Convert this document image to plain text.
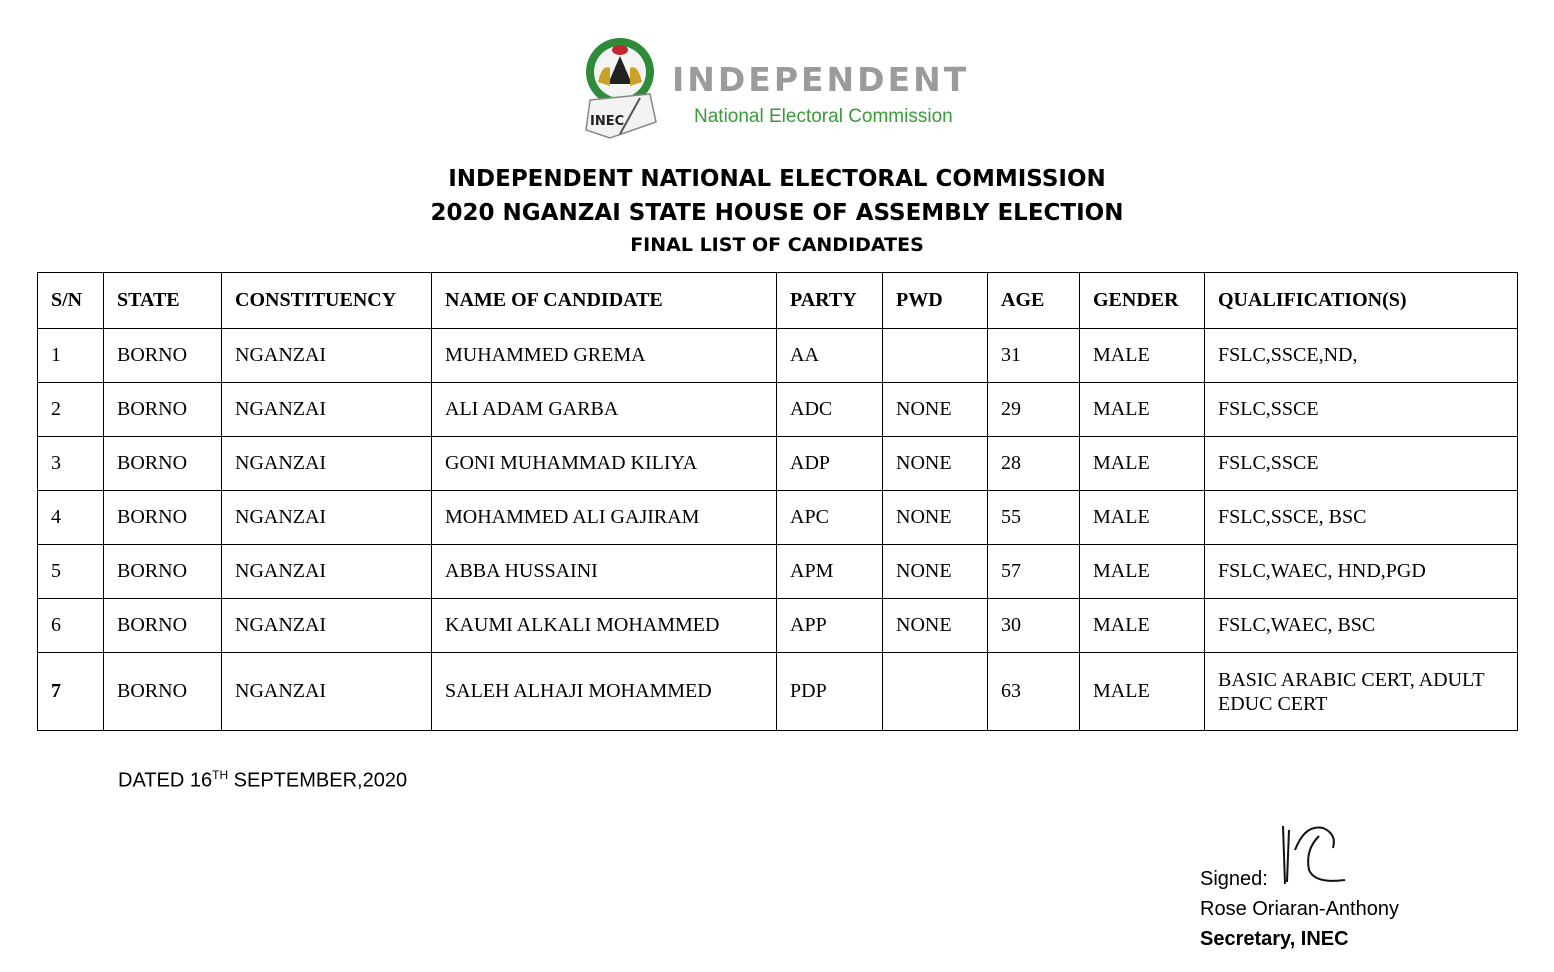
INEC
INDEPENDENT
National Electoral Commission
INDEPENDENT NATIONAL ELECTORAL COMMISSION
2020 NGANZAI STATE HOUSE OF ASSEMBLY ELECTION
FINAL LIST OF CANDIDATES
S/N	STATE	CONSTITUENCY	NAME OF CANDIDATE	PARTY	PWD	AGE	GENDER	QUALIFICATION(S)
1	BORNO	NGANZAI	MUHAMMED GREMA	AA		31	MALE	FSLC,SSCE,ND,
2	BORNO	NGANZAI	ALI ADAM GARBA	ADC	NONE	29	MALE	FSLC,SSCE
3	BORNO	NGANZAI	GONI MUHAMMAD KILIYA	ADP	NONE	28	MALE	FSLC,SSCE
4	BORNO	NGANZAI	MOHAMMED ALI GAJIRAM	APC	NONE	55	MALE	FSLC,SSCE, BSC
5	BORNO	NGANZAI	ABBA HUSSAINI	APM	NONE	57	MALE	FSLC,WAEC, HND,PGD
6	BORNO	NGANZAI	KAUMI ALKALI MOHAMMED	APP	NONE	30	MALE	FSLC,WAEC, BSC
7	BORNO	NGANZAI	SALEH ALHAJI MOHAMMED	PDP		63	MALE	BASIC ARABIC CERT, ADULT EDUC CERT
DATED 16TH SEPTEMBER,2020
Signed:
Rose Oriaran-Anthony
Secretary, INEC
